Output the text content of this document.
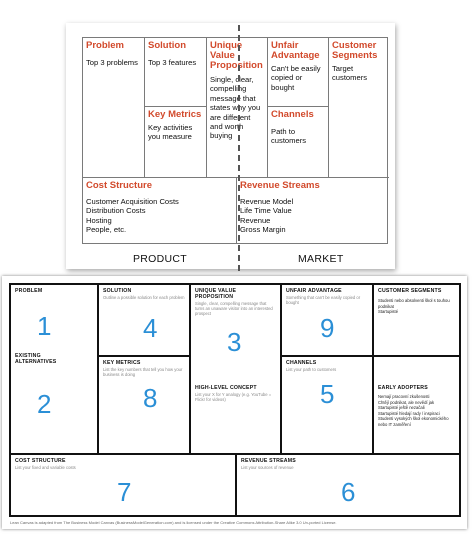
Problem
Top 3 problems
Solution
Top 3 features
Key Metrics
Key activities you measure
Unique Value Proposition
Single, clear, compelling message that states why you are different and worth buying
Unfair Advantage
Can't be easily copied or bought
Channels
Path to customers
Customer Segments
Target customers
Cost Structure
Customer Acquisition Costs
Distribution Costs
Hosting
People, etc.
Revenue Streams
Revenue Model
Life Time Value
Revenue
Gross Margin
PRODUCT	MARKET
PROBLEM
1
EXISTING ALTERNATIVES
2
SOLUTION
Outline a possible solution for each problem
4
KEY METRICS
List the key numbers that tell you how your business is doing
8
UNIQUE VALUE PROPOSITION
Single, clear, compelling message that turns an unaware visitor into an interested prospect
3
HIGH-LEVEL CONCEPT
List your X for Y analogy (e.g. YouTube = Flickr for videos)
UNFAIR ADVANTAGE
Something that can't be easily copied or bought
9
CHANNELS
List your path to customers
5
CUSTOMER SEGMENTS
Studenti nebo absolventi škol s touhou podnikat
Startupisté
EARLY ADOPTERS
Nemají pracovní zkušenosti
Chtějí podnikat, ale nevědí jak
Startupisté ještě nezačali
Startupisté hledají rady / inspiraci
Studenti vysokých škol ekonomického nebo IT zaměření
COST STRUCTURE
List your fixed and variable costs
7
REVENUE STREAMS
List your sources of revenue
6
Lean Canvas is adapted from The Business Model Canvas (BusinessModelGeneration.com) and is licensed under the Creative Commons Attribution-Share Alike 3.0 Un-ported License.
